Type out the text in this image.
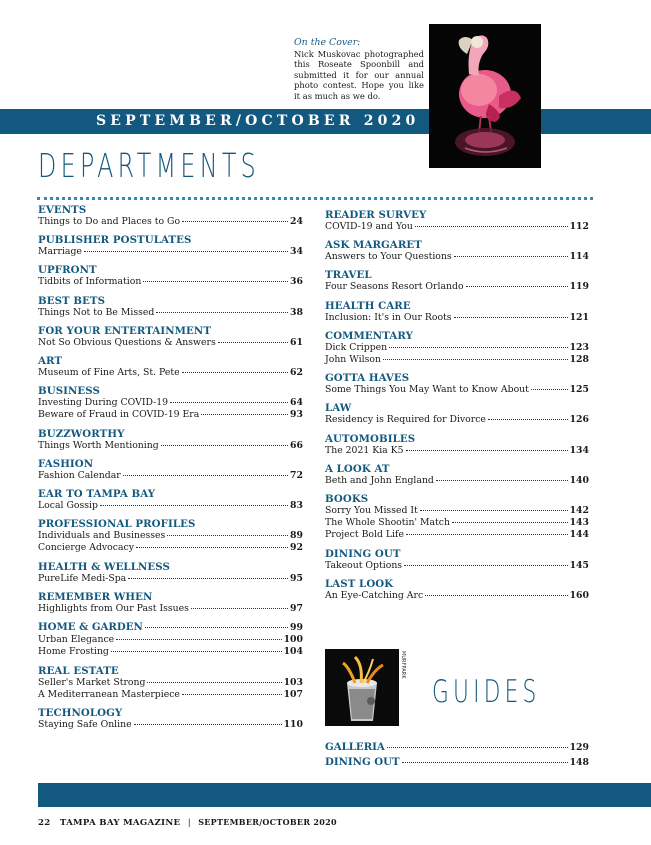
On the Cover:
Nick Muskovac photographed this Roseate Spoonbill and submitted it for our annual photo contest. Hope you like it as much as we do.
SEPTEMBER/OCTOBER 2020
DEPARTMENTS
EVENTS
Things to Do and Places to Go	24
PUBLISHER POSTULATES
Marriage	34
UPFRONT
Tidbits of Information	36
BEST BETS
Things Not to Be Missed	38
FOR YOUR ENTERTAINMENT
Not So Obvious Questions & Answers	61
ART
Museum of Fine Arts, St. Pete	62
BUSINESS
Investing During COVID-19	64
Beware of Fraud in COVID-19 Era	93
BUZZWORTHY
Things Worth Mentioning	66
FASHION
Fashion Calendar	72
EAR TO TAMPA BAY
Local Gossip	83
PROFESSIONAL PROFILES
Individuals and Businesses	89
Concierge Advocacy	92
HEALTH & WELLNESS
PureLife Medi-Spa	95
REMEMBER WHEN
Highlights from Our Past Issues	97
HOME & GARDEN	99
Urban Elegance	100
Home Frosting	104
REAL ESTATE
Seller's Market Strong	103
A Mediterranean Masterpiece	107
TECHNOLOGY
Staying Safe Online	110
READER SURVEY
COVID-19 and You	112
ASK MARGARET
Answers to Your Questions	114
TRAVEL
Four Seasons Resort Orlando	119
HEALTH CARE
Inclusion: It's in Our Roots	121
COMMENTARY
Dick Crippen	123
John Wilson	128
GOTTA HAVES
Some Things You May Want to Know About	125
LAW
Residency is Required for Divorce	126
AUTOMOBILES
The 2021 Kia K5	134
A LOOK AT
Beth and John England	140
BOOKS
Sorry You Missed It	142
The Whole Shootin' Match	143
Project Bold Life	144
DINING OUT
Takeout Options	145
LAST LOOK
An Eye-Catching Arc	160
MURFPARK
GUIDES
GALLERIA	129
DINING OUT	148
22 TAMPA BAY MAGAZINE | SEPTEMBER/OCTOBER 2020
